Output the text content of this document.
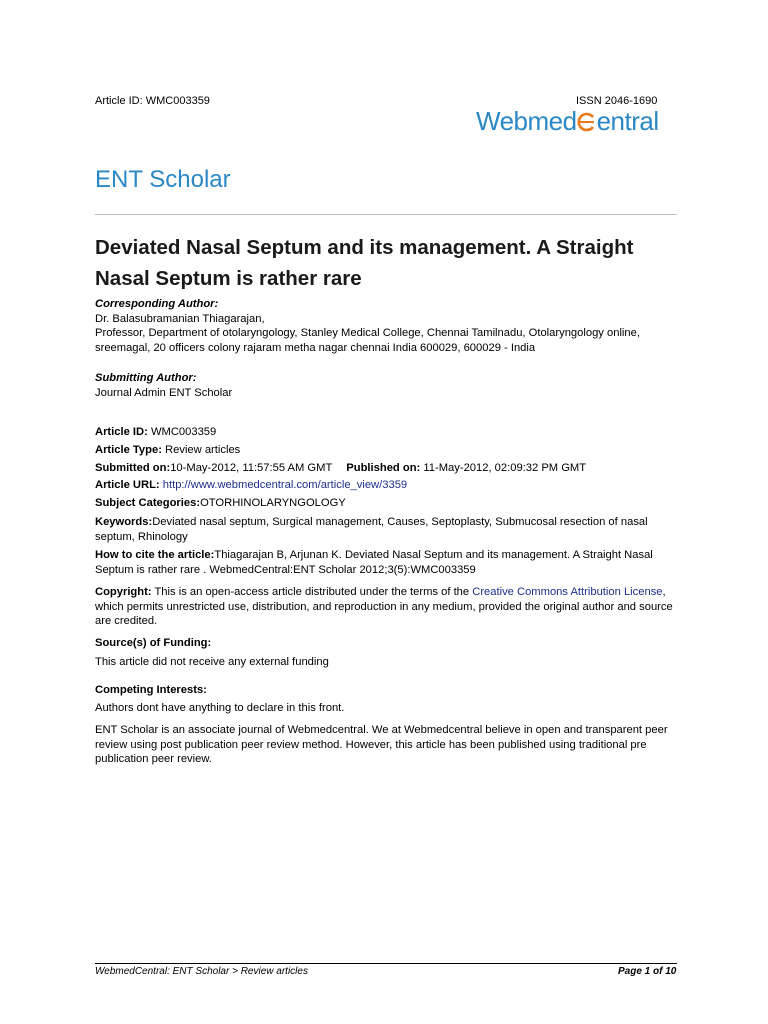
Article ID: WMC003359	ISSN 2046-1690
Webmed entral
ENT Scholar
Deviated Nasal Septum and its management. A Straight Nasal Septum is rather rare
Corresponding Author:
Dr. Balasubramanian Thiagarajan,
Professor, Department of otolaryngology, Stanley Medical College, Chennai Tamilnadu, Otolaryngology online, sreemagal, 20 officers colony rajaram metha nagar chennai India 600029, 600029 - India
Submitting Author:
Journal Admin ENT Scholar
Article ID: WMC003359
Article Type: Review articles
Submitted on:10-May-2012, 11:57:55 AM GMT Published on: 11-May-2012, 02:09:32 PM GMT
Article URL: http://www.webmedcentral.com/article_view/3359
Subject Categories:OTORHINOLARYNGOLOGY
Keywords:Deviated nasal septum, Surgical management, Causes, Septoplasty, Submucosal resection of nasal septum, Rhinology
How to cite the article:Thiagarajan B, Arjunan K. Deviated Nasal Septum and its management. A Straight Nasal Septum is rather rare . WebmedCentral:ENT Scholar 2012;3(5):WMC003359
Copyright: This is an open-access article distributed under the terms of the Creative Commons Attribution License, which permits unrestricted use, distribution, and reproduction in any medium, provided the original author and source are credited.
Source(s) of Funding:
This article did not receive any external funding
Competing Interests:
Authors dont have anything to declare in this front.
ENT Scholar is an associate journal of Webmedcentral. We at Webmedcentral believe in open and transparent peer review using post publication peer review method. However, this article has been published using traditional pre publication peer review.
WebmedCentral: ENT Scholar > Review articles	Page 1 of 10
